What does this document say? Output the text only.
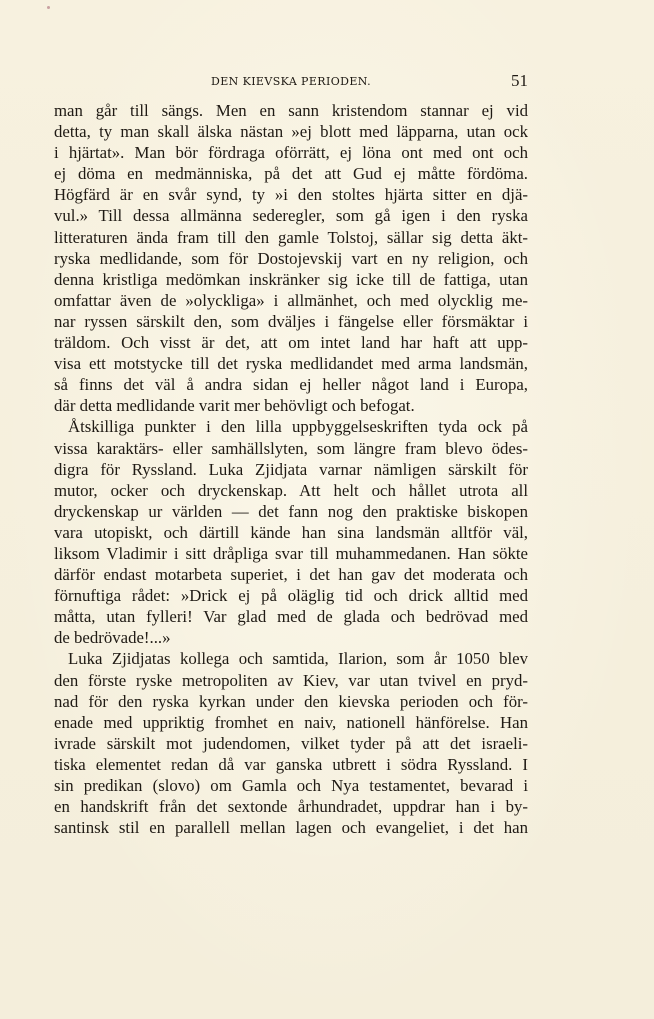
DEN KIEVSKA PERIODEN.	51
man går till sängs. Men en sann kristendom stannar ej vid
detta, ty man skall älska nästan »ej blott med läpparna, utan ock
i hjärtat». Man bör fördraga oförrätt, ej löna ont med ont och
ej döma en medmänniska, på det att Gud ej måtte fördöma.
Högfärd är en svår synd, ty »i den stoltes hjärta sitter en djä-
vul.» Till dessa allmänna sederegler, som gå igen i den ryska
litteraturen ända fram till den gamle Tolstoj, sällar sig detta äkt-
ryska medlidande, som för Dostojevskij vart en ny religion, och
denna kristliga medömkan inskränker sig icke till de fattiga, utan
omfattar även de »olyckliga» i allmänhet, och med olycklig me-
nar ryssen särskilt den, som dväljes i fängelse eller försmäktar i
träldom. Och visst är det, att om intet land har haft att upp-
visa ett motstycke till det ryska medlidandet med arma landsmän,
så finns det väl å andra sidan ej heller något land i Europa,
där detta medlidande varit mer behövligt och befogat.
Åtskilliga punkter i den lilla uppbyggelseskriften tyda ock på
vissa karaktärs- eller samhällslyten, som längre fram blevo ödes-
digra för Ryssland. Luka Zjidjata varnar nämligen särskilt för
mutor, ocker och dryckenskap. Att helt och hållet utrota all
dryckenskap ur världen — det fann nog den praktiske biskopen
vara utopiskt, och därtill kände han sina landsmän alltför väl,
liksom Vladimir i sitt dråpliga svar till muhammedanen. Han sökte
därför endast motarbeta superiet, i det han gav det moderata och
förnuftiga rådet: »Drick ej på oläglig tid och drick alltid med
måtta, utan fylleri! Var glad med de glada och bedrövad med
de bedrövade!...»
Luka Zjidjatas kollega och samtida, Ilarion, som år 1050 blev
den förste ryske metropoliten av Kiev, var utan tvivel en pryd-
nad för den ryska kyrkan under den kievska perioden och för-
enade med uppriktig fromhet en naiv, nationell hänförelse. Han
ivrade särskilt mot judendomen, vilket tyder på att det israeli-
tiska elementet redan då var ganska utbrett i södra Ryssland. I
sin predikan (slovo) om Gamla och Nya testamentet, bevarad i
en handskrift från det sextonde århundradet, uppdrar han i by-
santinsk stil en parallell mellan lagen och evangeliet, i det han
